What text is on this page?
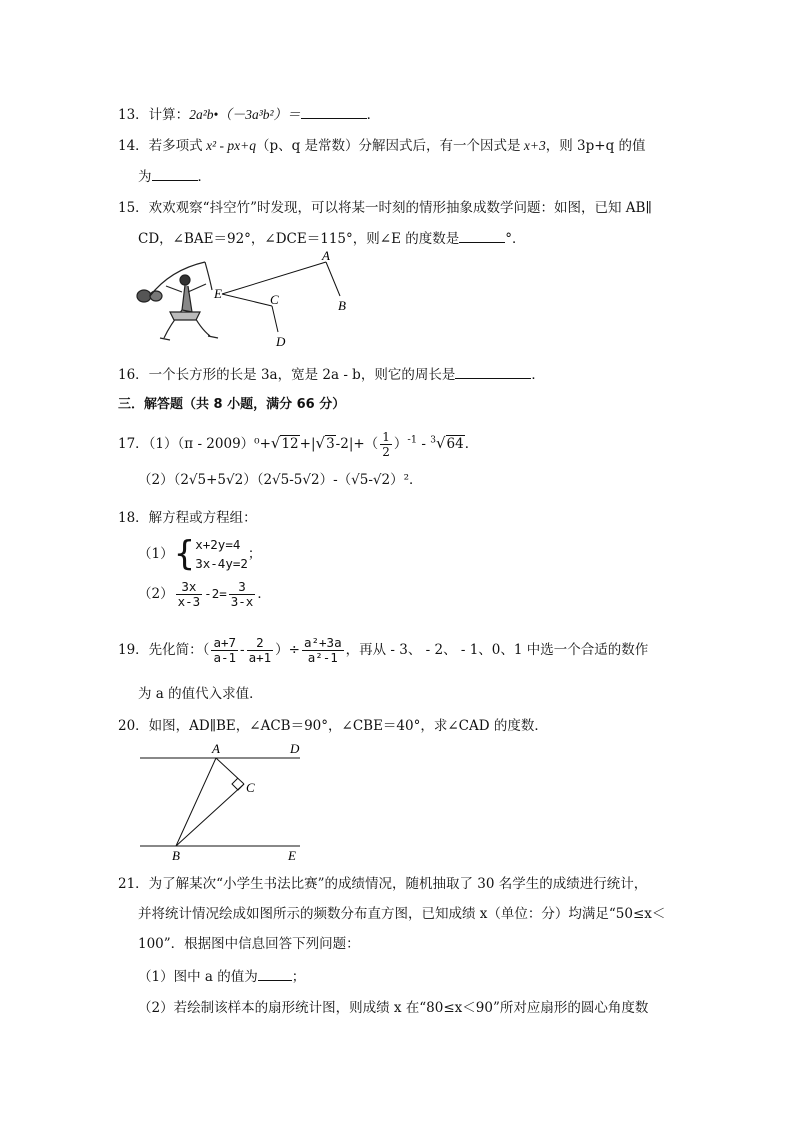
13．计算：2a²b•（－3a³b²）＝	．
14．若多项式 x² - px+q（p、q 是常数）分解因式后，有一个因式是 x+3，则 3p+q 的值
为	．
15．欢欢观察“抖空竹”时发现，可以将某一时刻的情形抽象成数学问题：如图，已知 AB∥
CD，∠BAE＝92°，∠DCE＝115°，则∠E 的度数是	°．
A
B
C
D
E
16．一个长方形的长是 3a，宽是 2a - b，则它的周长是	．
三．解答题（共 8 小题，满分 66 分）
17．$(1)(\pi - 2009)^0+√12+|√3-2|+( \frac{1}{2} )^{-1} - ^3√64$．
（2）（2√5+5√2）（2√5-5√2）-（√5-√2）²．
18．解方程或方程组：
（1）{ x+2y=4
3x-4y=2
；
$(2) \frac{3x}{x-3} -2= \frac{3}{3-x}$ ．
19．先化简：（ $\frac{a+7}{a-1} - \frac{2}{a+1}$ ）÷ $\frac{\text{a²+3a}}{\text{a²-1}}$ ，再从 - 3、 - 2、 - 1、0、1 中选一个合适的数作
为 a 的值代入求值．
20．如图，AD∥BE，∠ACB＝90°，∠CBE＝40°，求∠CAD 的度数．
A	D
C
B	E
21．为了解某次“小学生书法比赛”的成绩情况，随机抽取了 30 名学生的成绩进行统计，
并将统计情况绘成如图所示的频数分布直方图，已知成绩 x（单位：分）均满足“50≤x＜
100”．根据图中信息回答下列问题：
（1）图中 a 的值为	；
（2）若绘制该样本的扇形统计图，则成绩 x 在“80≤x＜90”所对应扇形的圆心角度数
